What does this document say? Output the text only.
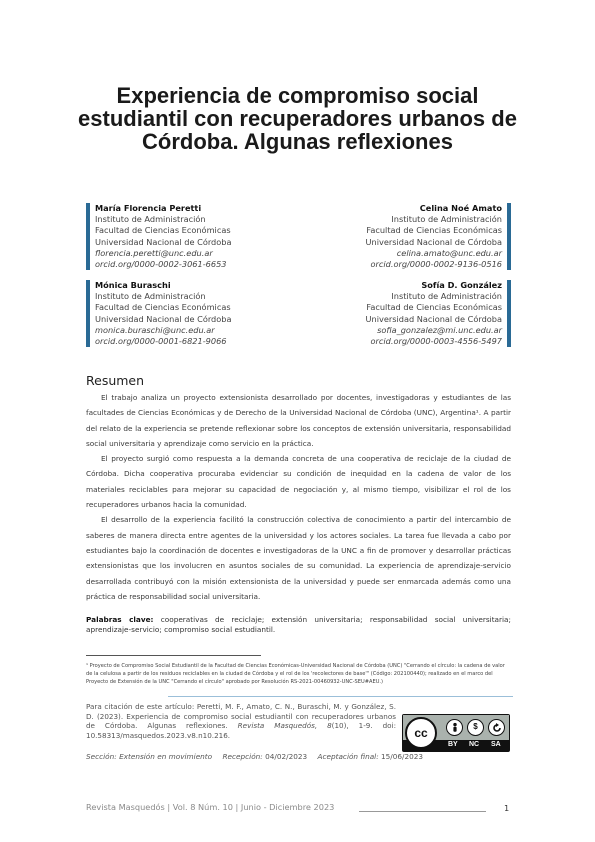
Experiencia de compromiso social estudiantil con recuperadores urbanos de Córdoba. Algunas reflexiones
María Florencia Peretti
Instituto de Administración
Facultad de Ciencias Económicas
Universidad Nacional de Córdoba
florencia.peretti@unc.edu.ar
orcid.org/0000-0002-3061-6653
Celina Noé Amato
Instituto de Administración
Facultad de Ciencias Económicas
Universidad Nacional de Córdoba
celina.amato@unc.edu.ar
orcid.org/0000-0002-9136-0516
Mónica Buraschi
Instituto de Administración
Facultad de Ciencias Económicas
Universidad Nacional de Córdoba
monica.buraschi@unc.edu.ar
orcid.org/0000-0001-6821-9066
Sofía D. González
Instituto de Administración
Facultad de Ciencias Económicas
Universidad Nacional de Córdoba
sofia_gonzalez@mi.unc.edu.ar
orcid.org/0000-0003-4556-5497
Resumen

El trabajo analiza un proyecto extensionista desarrollado por docentes, investigadoras y estudiantes de las facultades de Ciencias Económicas y de Derecho de la Universidad Nacional de Córdoba (UNC), Argentina¹. A partir del relato de la experiencia se pretende reflexionar sobre los conceptos de extensión universitaria, responsabilidad social universitaria y aprendizaje como servicio en la práctica.

El proyecto surgió como respuesta a la demanda concreta de una cooperativa de reciclaje de la ciudad de Córdoba. Dicha cooperativa procuraba evidenciar su condición de inequidad en la cadena de valor de los materiales reciclables para mejorar su capacidad de negociación y, al mismo tiempo, visibilizar el rol de los recuperadores urbanos hacia la comunidad.

El desarrollo de la experiencia facilitó la construcción colectiva de conocimiento a partir del intercambio de saberes de manera directa entre agentes de la universidad y los actores sociales. La tarea fue llevada a cabo por estudiantes bajo la coordinación de docentes e investigadoras de la UNC a fin de promover y desarrollar prácticas extensionistas que los involucren en asuntos sociales de su comunidad. La experiencia de aprendizaje-servicio desarrollada contribuyó con la misión extensionista de la universidad y puede ser enmarcada además como una práctica de responsabilidad social universitaria.

Palabras clave: cooperativas de reciclaje; extensión universitaria; responsabilidad social universitaria; aprendizaje-servicio; compromiso social estudiantil.
¹ Proyecto de Compromiso Social Estudiantil de la Facultad de Ciencias Económicas-Universidad Nacional de Córdoba (UNC) "Cerrando el círculo: la cadena de valor de la celulosa a partir de los residuos reciclables en la ciudad de Córdoba y el rol de los 'recolectores de base'" (Código: 202100440); realizado en el marco del Proyecto de Extensión de la UNC "Cerrando el círculo" aprobado por Resolución RS-2021-00460932-UNC-SEU#AEU.)
Para citación de este artículo: Peretti, M. F., Amato, C. N., Buraschi, M. y González, S. D. (2023). Experiencia de compromiso social estudiantil con recuperadores urbanos de Córdoba. Algunas reflexiones. Revista Masquedós, 8(10), 1-9. doi: 10.58313/masquedos.2023.v8.n10.216.	cc	$
BY NC SA
Sección: Extensión en movimiento Recepción: 04/02/2023 Aceptación final: 15/06/2023
Revista Masquedós | Vol. 8 Núm. 10 | Junio - Diciembre 2023	1
